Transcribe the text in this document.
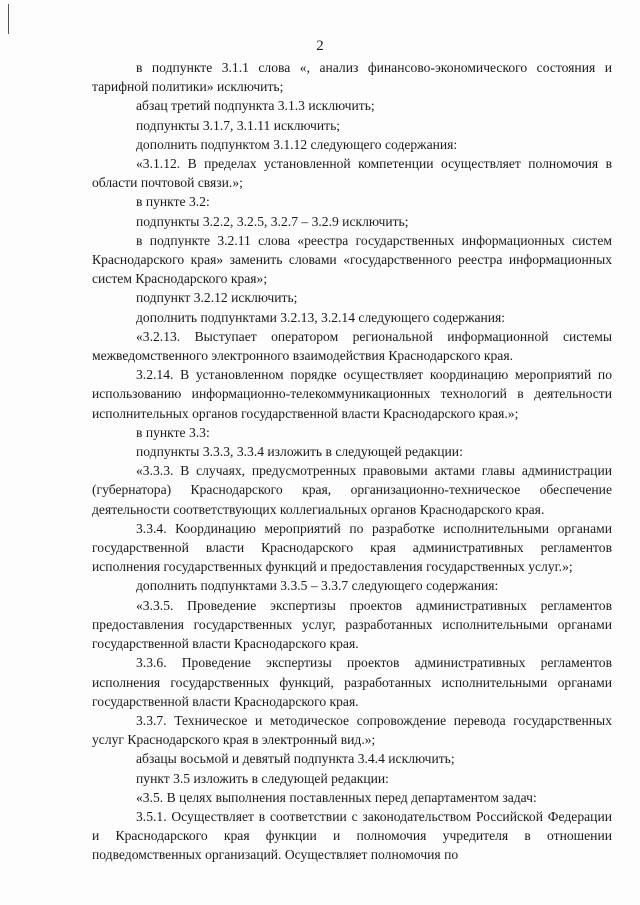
2

в подпункте 3.1.1 слова «, анализ финансово-экономического состояния и тарифной политики» исключить;

абзац третий подпункта 3.1.3 исключить;

подпункты 3.1.7, 3.1.11 исключить;

дополнить подпунктом 3.1.12 следующего содержания:

«3.1.12. В пределах установленной компетенции осуществляет полномочия в области почтовой связи.»;

в пункте 3.2:

подпункты 3.2.2, 3.2.5, 3.2.7 – 3.2.9 исключить;

в подпункте 3.2.11 слова «реестра государственных информационных систем Краснодарского края» заменить словами «государственного реестра информационных систем Краснодарского края»;

подпункт 3.2.12 исключить;

дополнить подпунктами 3.2.13, 3.2.14 следующего содержания:

«3.2.13. Выступает оператором региональной информационной системы межведомственного электронного взаимодействия Краснодарского края.

3.2.14. В установленном порядке осуществляет координацию мероприятий по использованию информационно-телекоммуникационных технологий в деятельности исполнительных органов государственной власти Краснодарского края.»;

в пункте 3.3:

подпункты 3.3.3, 3.3.4 изложить в следующей редакции:

«3.3.3. В случаях, предусмотренных правовыми актами главы администрации (губернатора) Краснодарского края, организационно-техническое обеспечение деятельности соответствующих коллегиальных органов Краснодарского края.

3.3.4. Координацию мероприятий по разработке исполнительными органами государственной власти Краснодарского края административных регламентов исполнения государственных функций и предоставления государственных услуг.»;

дополнить подпунктами 3.3.5 – 3.3.7 следующего содержания:

«3.3.5. Проведение экспертизы проектов административных регламентов предоставления государственных услуг, разработанных исполнительными органами государственной власти Краснодарского края.

3.3.6. Проведение экспертизы проектов административных регламентов исполнения государственных функций, разработанных исполнительными органами государственной власти Краснодарского края.

3.3.7. Техническое и методическое сопровождение перевода государственных услуг Краснодарского края в электронный вид.»;

абзацы восьмой и девятый подпункта 3.4.4 исключить;

пункт 3.5 изложить в следующей редакции:

«3.5. В целях выполнения поставленных перед департаментом задач:

3.5.1. Осуществляет в соответствии с законодательством Российской Федерации и Краснодарского края функции и полномочия учредителя в отношении подведомственных организаций. Осуществляет полномочия по
